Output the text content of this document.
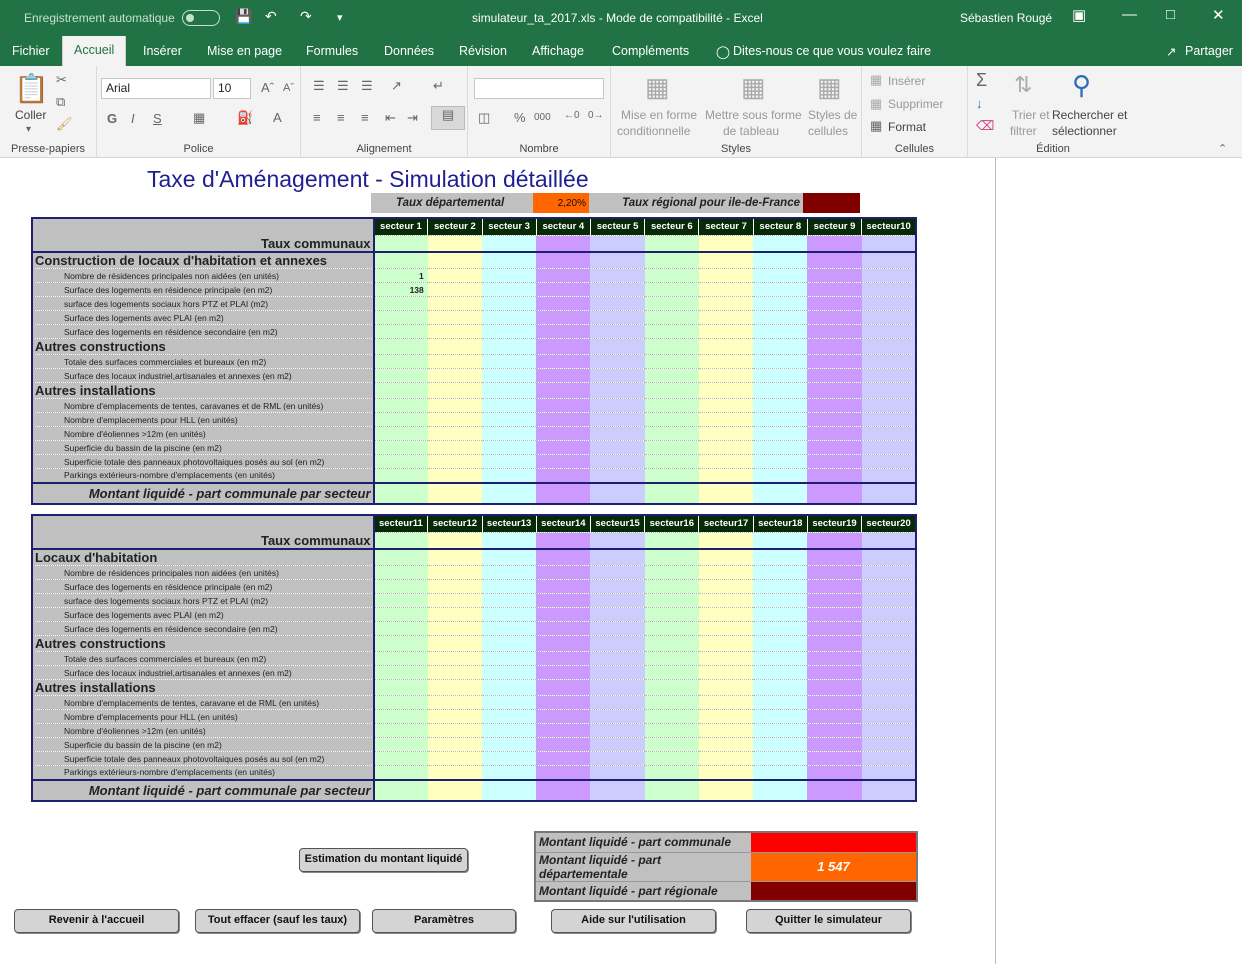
Enregistrement automatique	💾 ↶ ↷ ▾	simulateur_ta_2017.xls - Mode de compatibilité - Excel	Sébastien Rougé ▣ — □ ✕
Fichier	Accueil	Insérer Mise en page Formules Données Révision Affichage Compléments ◯ Dites-nous ce que vous voulez faire	↗ Partager
📋
Coller
▾
✂
⧉
🖌
Presse-papiers
Arial	10	Aˆ Aˇ
G I S ▦ ⛽ A
Police
☰ ☰ ☰ ↗ ↵
≡ ≡ ≡ ⇤ ⇥	▤
Alignement
◫ % 000 ←0 0→
Nombre
▦
Mise en forme
conditionnelle
▦
Mettre sous forme
de tableau
▦
Styles de
cellules
Styles
▦ Insérer
▦ Supprimer
▦ Format
Cellules
Σ
↓
⌫
⇅
Trier et
filtrer
⚲
Rechercher et
sélectionner
Édition	⌃
Taxe d'Aménagement - Simulation détaillée
Taux départemental	2,20%	Taux régional pour ile-de-France
Taux communaux	secteur 1	secteur 2	secteur 3	secteur 4	secteur 5	secteur 6	secteur 7	secteur 8	secteur 9	secteur10

Construction de locaux d'habitation et annexes										
Nombre de résidences principales non aidées (en unités)	1									
Surface des logements en résidence principale (en m2)	138									
surface des logements sociaux hors PTZ et PLAI (m2)										
Surface des logements avec PLAI (en m2)										
Surface des logements en résidence secondaire (en m2)										
Autres constructions										
Totale des surfaces commerciales et bureaux (en m2)										
Surface des locaux industriel,artisanales et annexes (en m2)										
Autres installations										
Nombre d'emplacements de tentes, caravanes et de RML (en unités)										
Nombre d'emplacements pour HLL (en unités)										
Nombre d'éoliennes >12m (en unités)										
Superficie du bassin de la piscine (en m2)										
Superficie totale des panneaux photovoltaiques posés au sol (en m2)										
Parkings extérieurs-nombre d'emplacements (en unités)										
Montant liquidé - part communale par secteur										
Taux communaux	secteur11	secteur12	secteur13	secteur14	secteur15	secteur16	secteur17	secteur18	secteur19	secteur20

Locaux d'habitation										
Nombre de résidences principales non aidées (en unités)										
Surface des logements en résidence principale (en m2)										
surface des logements sociaux hors PTZ et PLAI (m2)										
Surface des logements avec PLAI (en m2)										
Surface des logements en résidence secondaire (en m2)										
Autres constructions										
Totale des surfaces commerciales et bureaux (en m2)										
Surface des locaux industriel,artisanales et annexes (en m2)										
Autres installations										
Nombre d'emplacements de tentes, caravane et de RML (en unités)										
Nombre d'emplacements pour HLL (en unités)										
Nombre d'éoliennes >12m (en unités)										
Superficie du bassin de la piscine (en m2)										
Superficie totale des panneaux photovoltaiques posés au sol (en m2)										
Parkings extérieurs-nombre d'emplacements (en unités)										
Montant liquidé - part communale par secteur										
Montant liquidé - part communale	
Montant liquidé - part départementale	1 547
Montant liquidé - part régionale	
Estimation du montant liquidé
Revenir à l'accueil	Tout effacer (sauf les taux)	Paramètres	Aide sur l'utilisation	Quitter le simulateur
